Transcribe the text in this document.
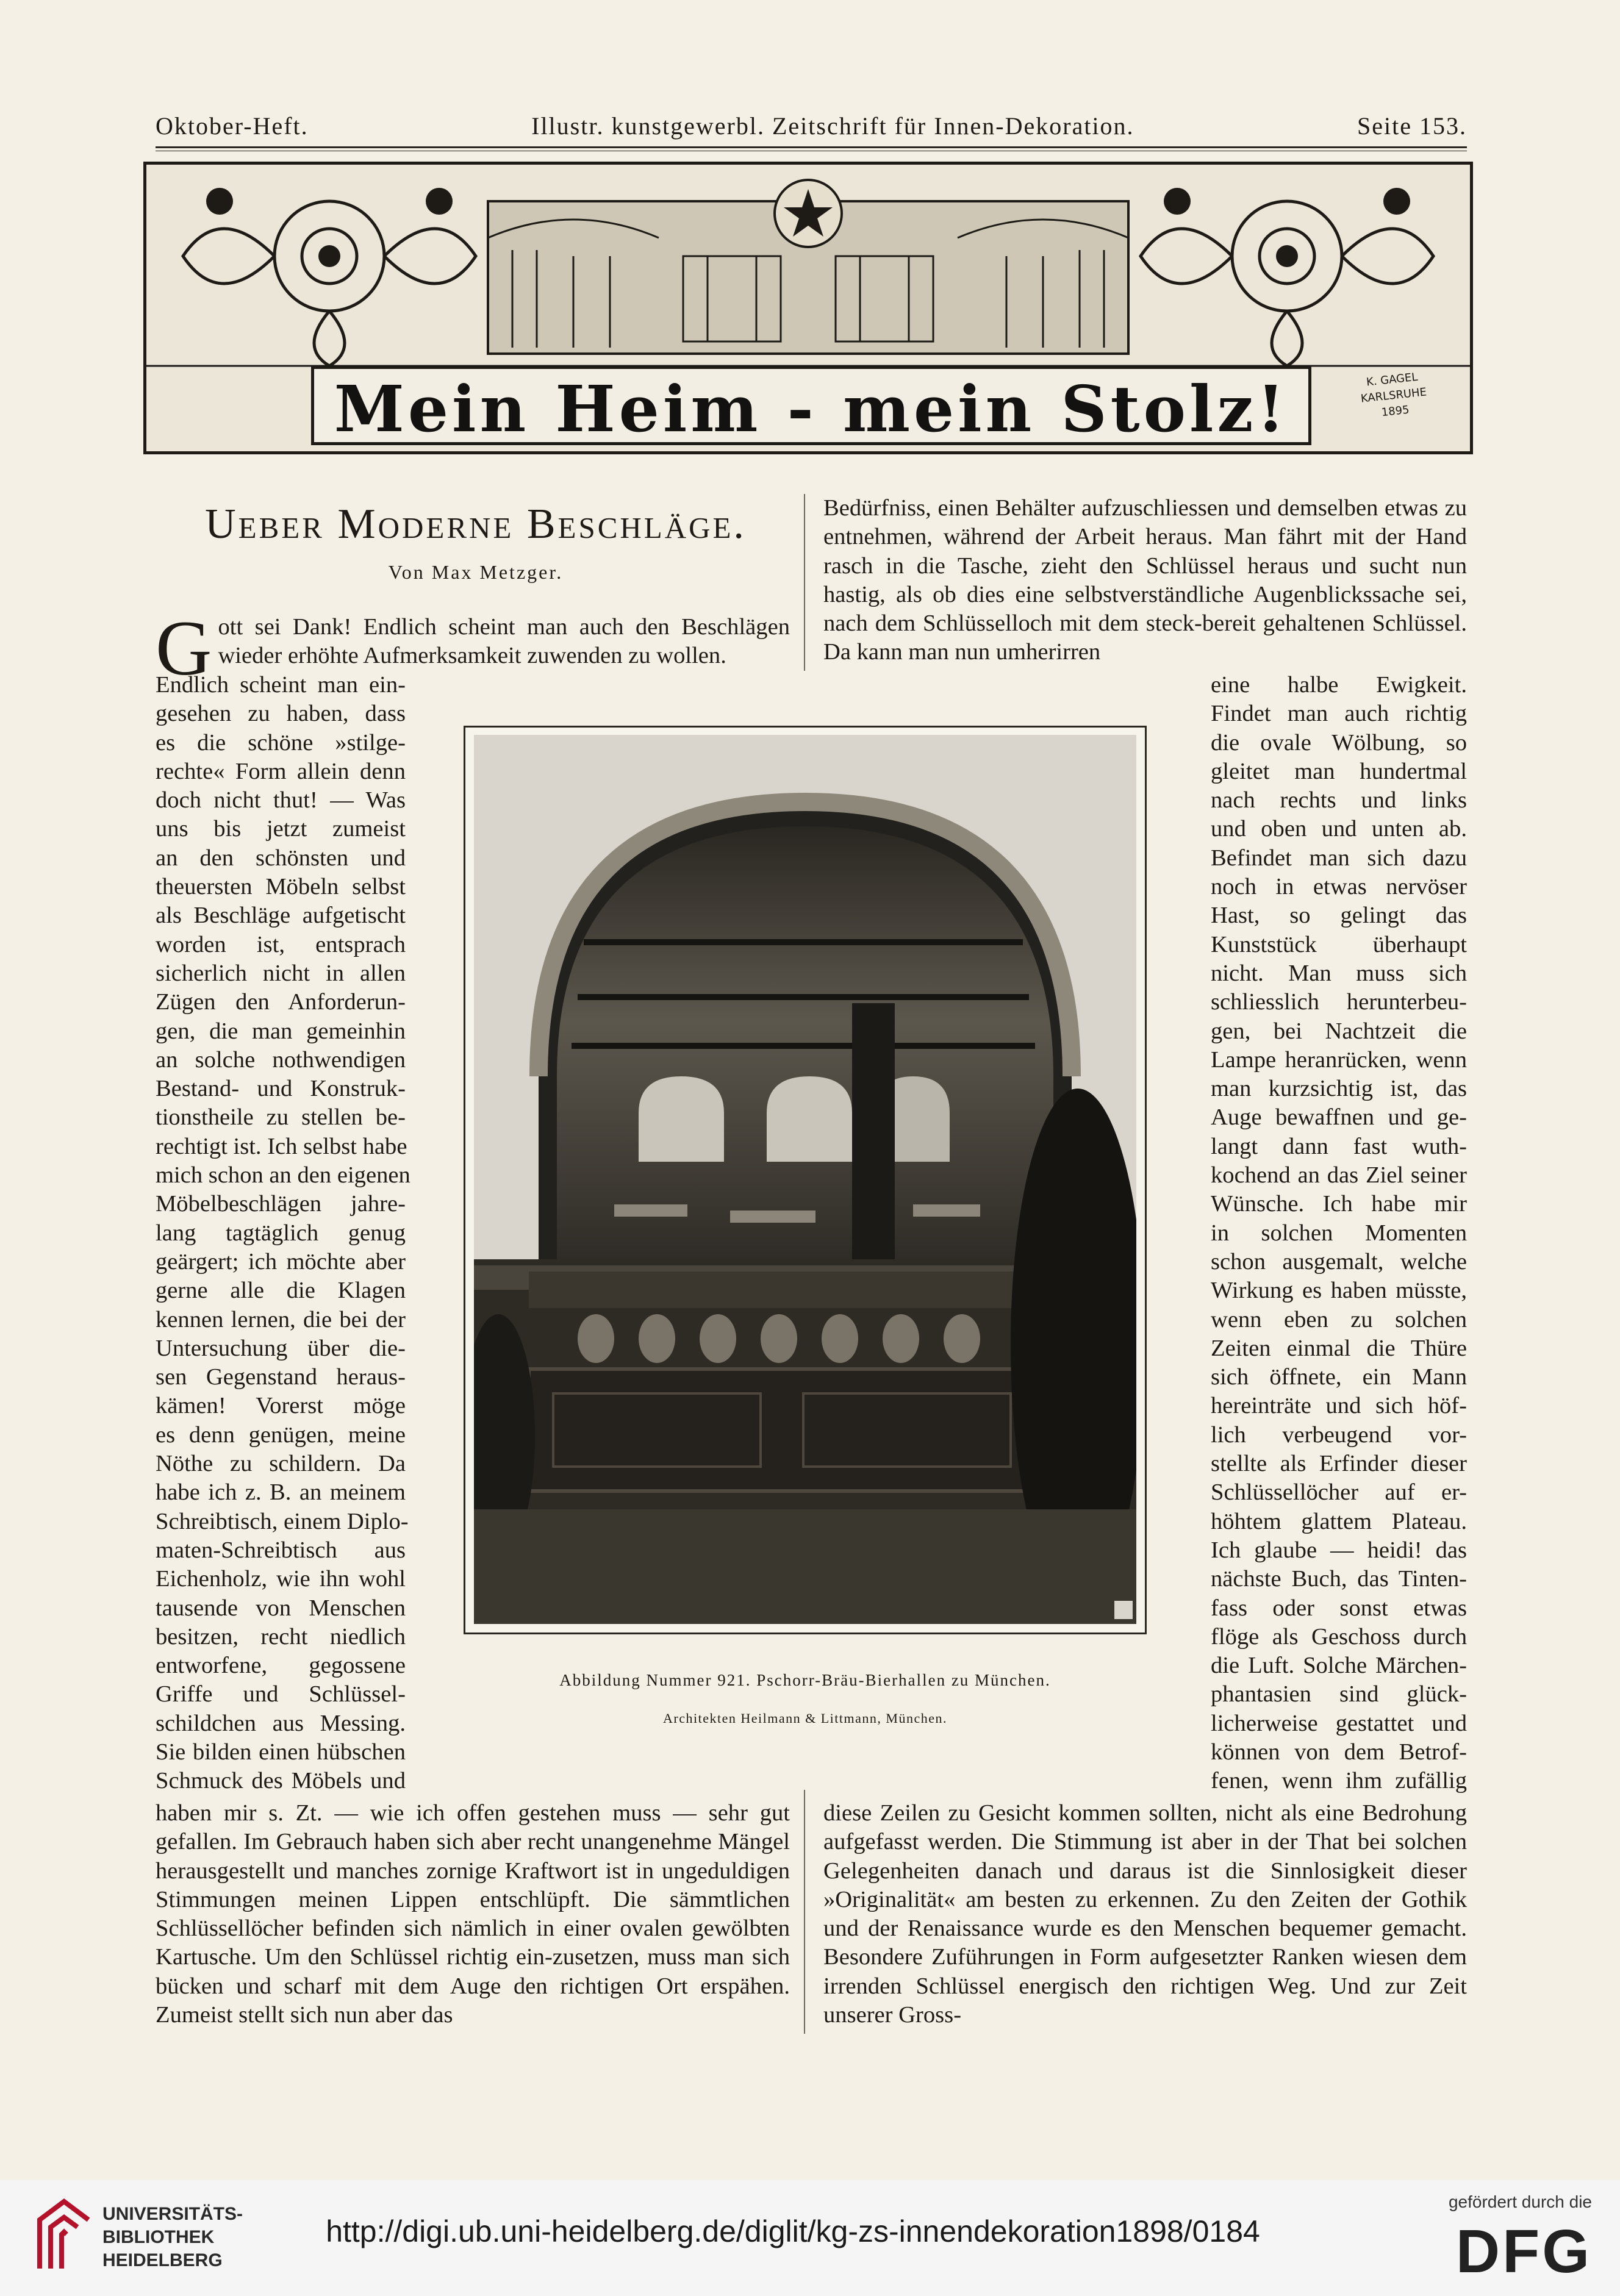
Oktober-Heft.	Illustr. kunstgewerbl. Zeitschrift für Innen-Dekoration.	Seite 153.
Mein Heim - mein Stolz!	K. GAGEL
KARLSRUHE
1895
Ueber Moderne Beschläge.
Von Max Metzger.
G ott sei Dank! Endlich scheint man auch den Beschlägen wieder erhöhte Aufmerksamkeit zuwenden zu wollen.
Endlich scheint man ein-
gesehen zu haben, dass
es die schöne »stilge-
rechte« Form allein denn
doch nicht thut! — Was
uns bis jetzt zumeist
an den schönsten und
theuersten Möbeln selbst
als Beschläge aufgetischt
worden ist, entsprach
sicherlich nicht in allen
Zügen den Anforderun-
gen, die man gemeinhin
an solche nothwendigen
Bestand- und Konstruk-
tionstheile zu stellen be-
rechtigt ist. Ich selbst habe
mich schon an den eigenen
Möbelbeschlägen jahre-
lang tagtäglich genug
geärgert; ich möchte aber
gerne alle die Klagen
kennen lernen, die bei der
Untersuchung über die-
sen Gegenstand heraus-
kämen! Vorerst möge
es denn genügen, meine
Nöthe zu schildern. Da
habe ich z. B. an meinem
Schreibtisch, einem Diplo-
maten-Schreibtisch aus
Eichenholz, wie ihn wohl
tausende von Menschen
besitzen, recht niedlich
entworfene, gegossene
Griffe und Schlüssel-
schildchen aus Messing.
Sie bilden einen hübschen
Schmuck des Möbels und
haben mir s. Zt. — wie ich offen gestehen muss — sehr gut gefallen. Im Gebrauch haben sich aber recht unangenehme Mängel herausgestellt und manches zornige Kraftwort ist in ungeduldigen Stimmungen meinen Lippen entschlüpft. Die sämmtlichen Schlüssellöcher befinden sich nämlich in einer ovalen gewölbten Kartusche. Um den Schlüssel richtig ein-zusetzen, muss man sich bücken und scharf mit dem Auge den richtigen Ort erspähen. Zumeist stellt sich nun aber das
Bedürfniss, einen Behälter aufzuschliessen und demselben etwas zu entnehmen, während der Arbeit heraus. Man fährt mit der Hand rasch in die Tasche, zieht den Schlüssel heraus und sucht nun hastig, als ob dies eine selbstverständliche Augenblickssache sei, nach dem Schlüsselloch mit dem steck-bereit gehaltenen Schlüssel. Da kann man nun umherirren
eine halbe Ewigkeit.
Findet man auch richtig
die ovale Wölbung, so
gleitet man hundertmal
nach rechts und links
und oben und unten ab.
Befindet man sich dazu
noch in etwas nervöser
Hast, so gelingt das
Kunststück überhaupt
nicht. Man muss sich
schliesslich herunterbeu-
gen, bei Nachtzeit die
Lampe heranrücken, wenn
man kurzsichtig ist, das
Auge bewaffnen und ge-
langt dann fast wuth-
kochend an das Ziel seiner
Wünsche. Ich habe mir
in solchen Momenten
schon ausgemalt, welche
Wirkung es haben müsste,
wenn eben zu solchen
Zeiten einmal die Thüre
sich öffnete, ein Mann
hereinträte und sich höf-
lich verbeugend vor-
stellte als Erfinder dieser
Schlüssellöcher auf er-
höhtem glattem Plateau.
Ich glaube — heidi! das
nächste Buch, das Tinten-
fass oder sonst etwas
flöge als Geschoss durch
die Luft. Solche Märchen-
phantasien sind glück-
licherweise gestattet und
können von dem Betrof-
fenen, wenn ihm zufällig
diese Zeilen zu Gesicht kommen sollten, nicht als eine Bedrohung aufgefasst werden. Die Stimmung ist aber in der That bei solchen Gelegenheiten danach und daraus ist die Sinnlosigkeit dieser »Originalität« am besten zu erkennen. Zu den Zeiten der Gothik und der Renaissance wurde es den Menschen bequemer gemacht. Besondere Zuführungen in Form aufgesetzter Ranken wiesen dem irrenden Schlüssel energisch den richtigen Weg. Und zur Zeit unserer Gross-
Abbildung Nummer 921. Pschorr-Bräu-Bierhallen zu München.
Architekten Heilmann & Littmann, München.
UNIVERSITÄTS-
BIBLIOTHEK
HEIDELBERG
http://digi.ub.uni-heidelberg.de/diglit/kg-zs-innendekoration1898/0184
gefördert durch die
DFG
